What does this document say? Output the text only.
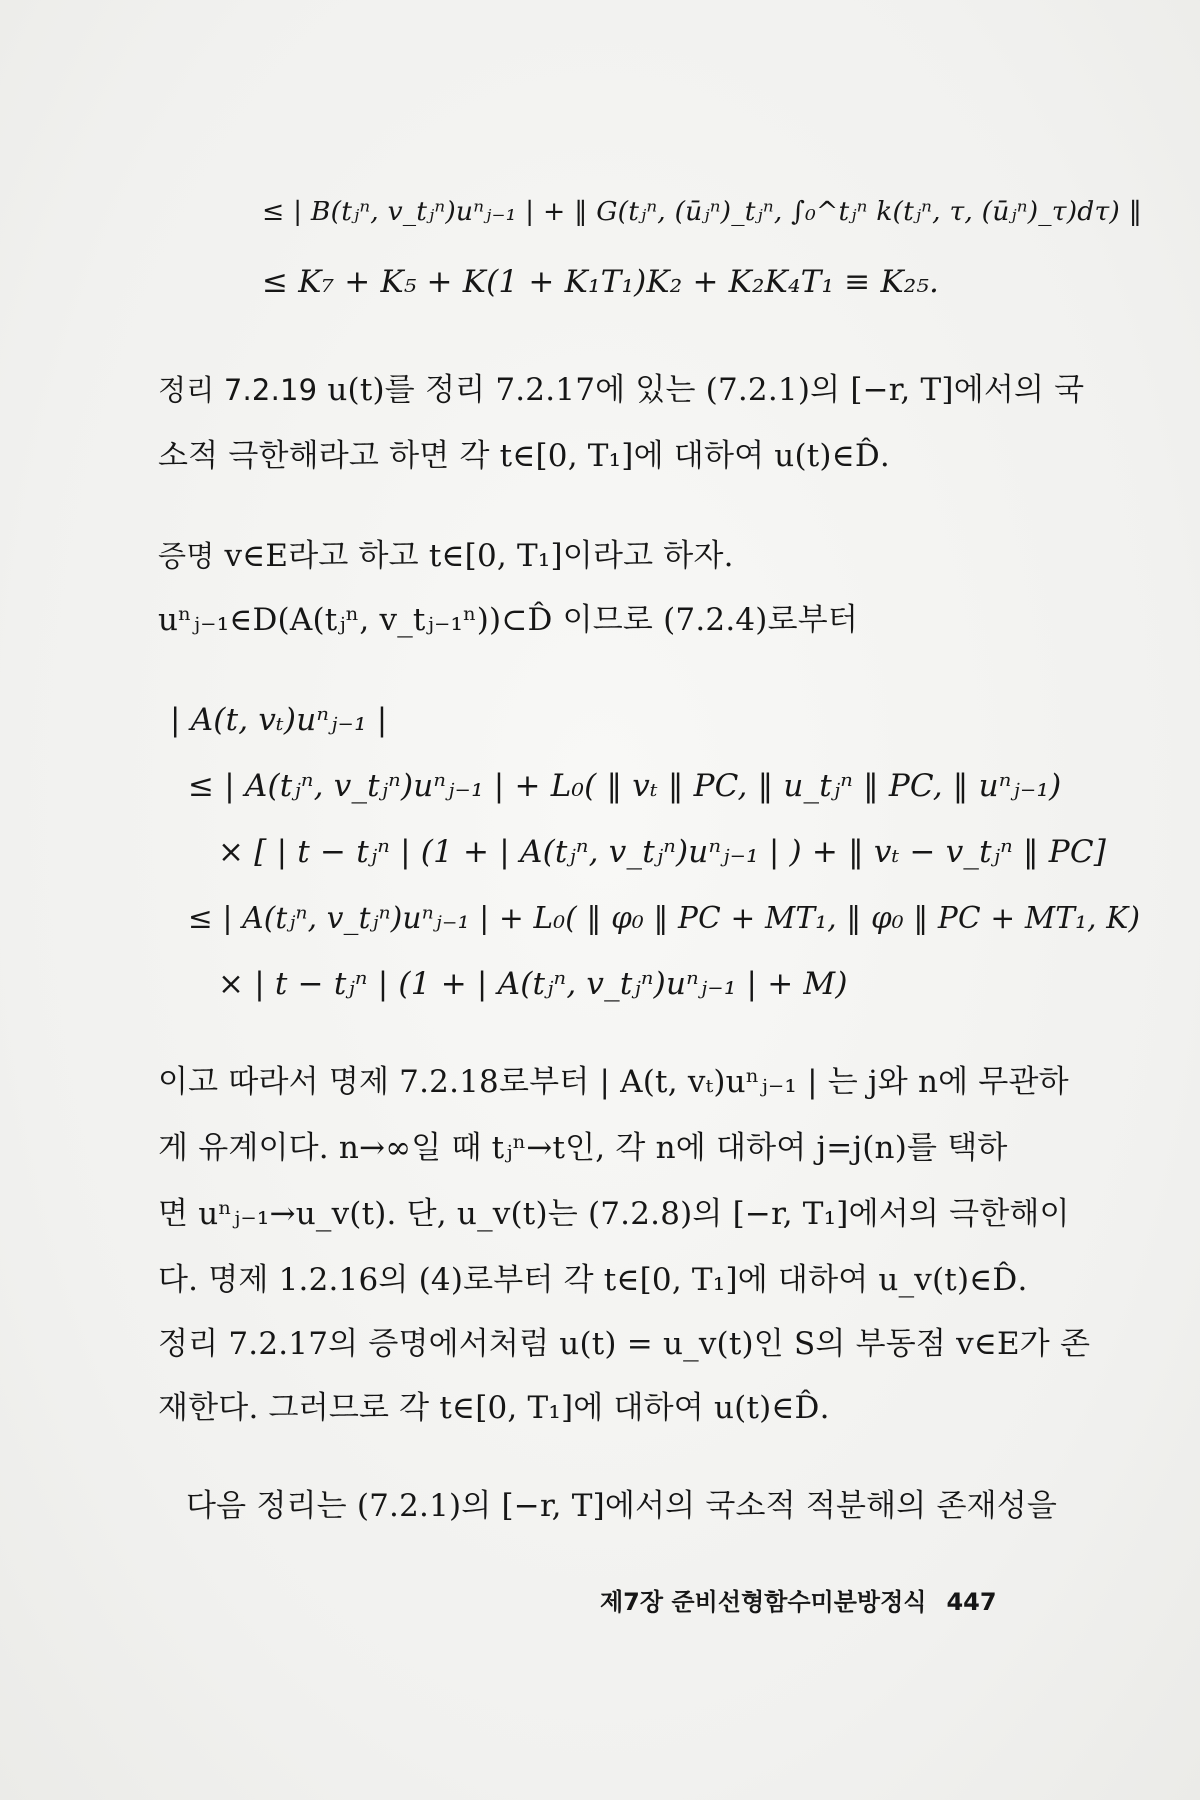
≤ | B(tⱼⁿ, v_tⱼⁿ)uⁿⱼ₋₁ | + ‖ G(tⱼⁿ, (ūⱼⁿ)_tⱼⁿ, ∫₀^tⱼⁿ k(tⱼⁿ, τ, (ūⱼⁿ)_τ)dτ) ‖
≤ K₇ + K₅ + K(1 + K₁T₁)K₂ + K₂K₄T₁ ≡ K₂₅.
정리 7.2.19 u(t)를 정리 7.2.17에 있는 (7.2.1)의 [−r, T]에서의 국
소적 극한해라고 하면 각 t∈[0, T₁]에 대하여 u(t)∈D̂.
증명 v∈E라고 하고 t∈[0, T₁]이라고 하자.
uⁿⱼ₋₁∈D(A(tⱼⁿ, v_tⱼ₋₁ⁿ))⊂D̂ 이므로 (7.2.4)로부터
| A(t, vₜ)uⁿⱼ₋₁ |
≤ | A(tⱼⁿ, v_tⱼⁿ)uⁿⱼ₋₁ | + L₀( ‖ vₜ ‖ PC, ‖ u_tⱼⁿ ‖ PC, ‖ uⁿⱼ₋₁)
× [ | t − tⱼⁿ | (1 + | A(tⱼⁿ, v_tⱼⁿ)uⁿⱼ₋₁ | ) + ‖ vₜ − v_tⱼⁿ ‖ PC]
≤ | A(tⱼⁿ, v_tⱼⁿ)uⁿⱼ₋₁ | + L₀( ‖ φ₀ ‖ PC + MT₁, ‖ φ₀ ‖ PC + MT₁, K)
× | t − tⱼⁿ | (1 + | A(tⱼⁿ, v_tⱼⁿ)uⁿⱼ₋₁ | + M)
이고 따라서 명제 7.2.18로부터 | A(t, vₜ)uⁿⱼ₋₁ | 는 j와 n에 무관하
게 유계이다. n→∞일 때 tⱼⁿ→t인, 각 n에 대하여 j=j(n)를 택하
면 uⁿⱼ₋₁→u_v(t). 단, u_v(t)는 (7.2.8)의 [−r, T₁]에서의 극한해이
다. 명제 1.2.16의 (4)로부터 각 t∈[0, T₁]에 대하여 u_v(t)∈D̂.
정리 7.2.17의 증명에서처럼 u(t) = u_v(t)인 S의 부동점 v∈E가 존
재한다. 그러므로 각 t∈[0, T₁]에 대하여 u(t)∈D̂.
다음 정리는 (7.2.1)의 [−r, T]에서의 국소적 적분해의 존재성을
제7장 준비선형함수미분방정식 447
